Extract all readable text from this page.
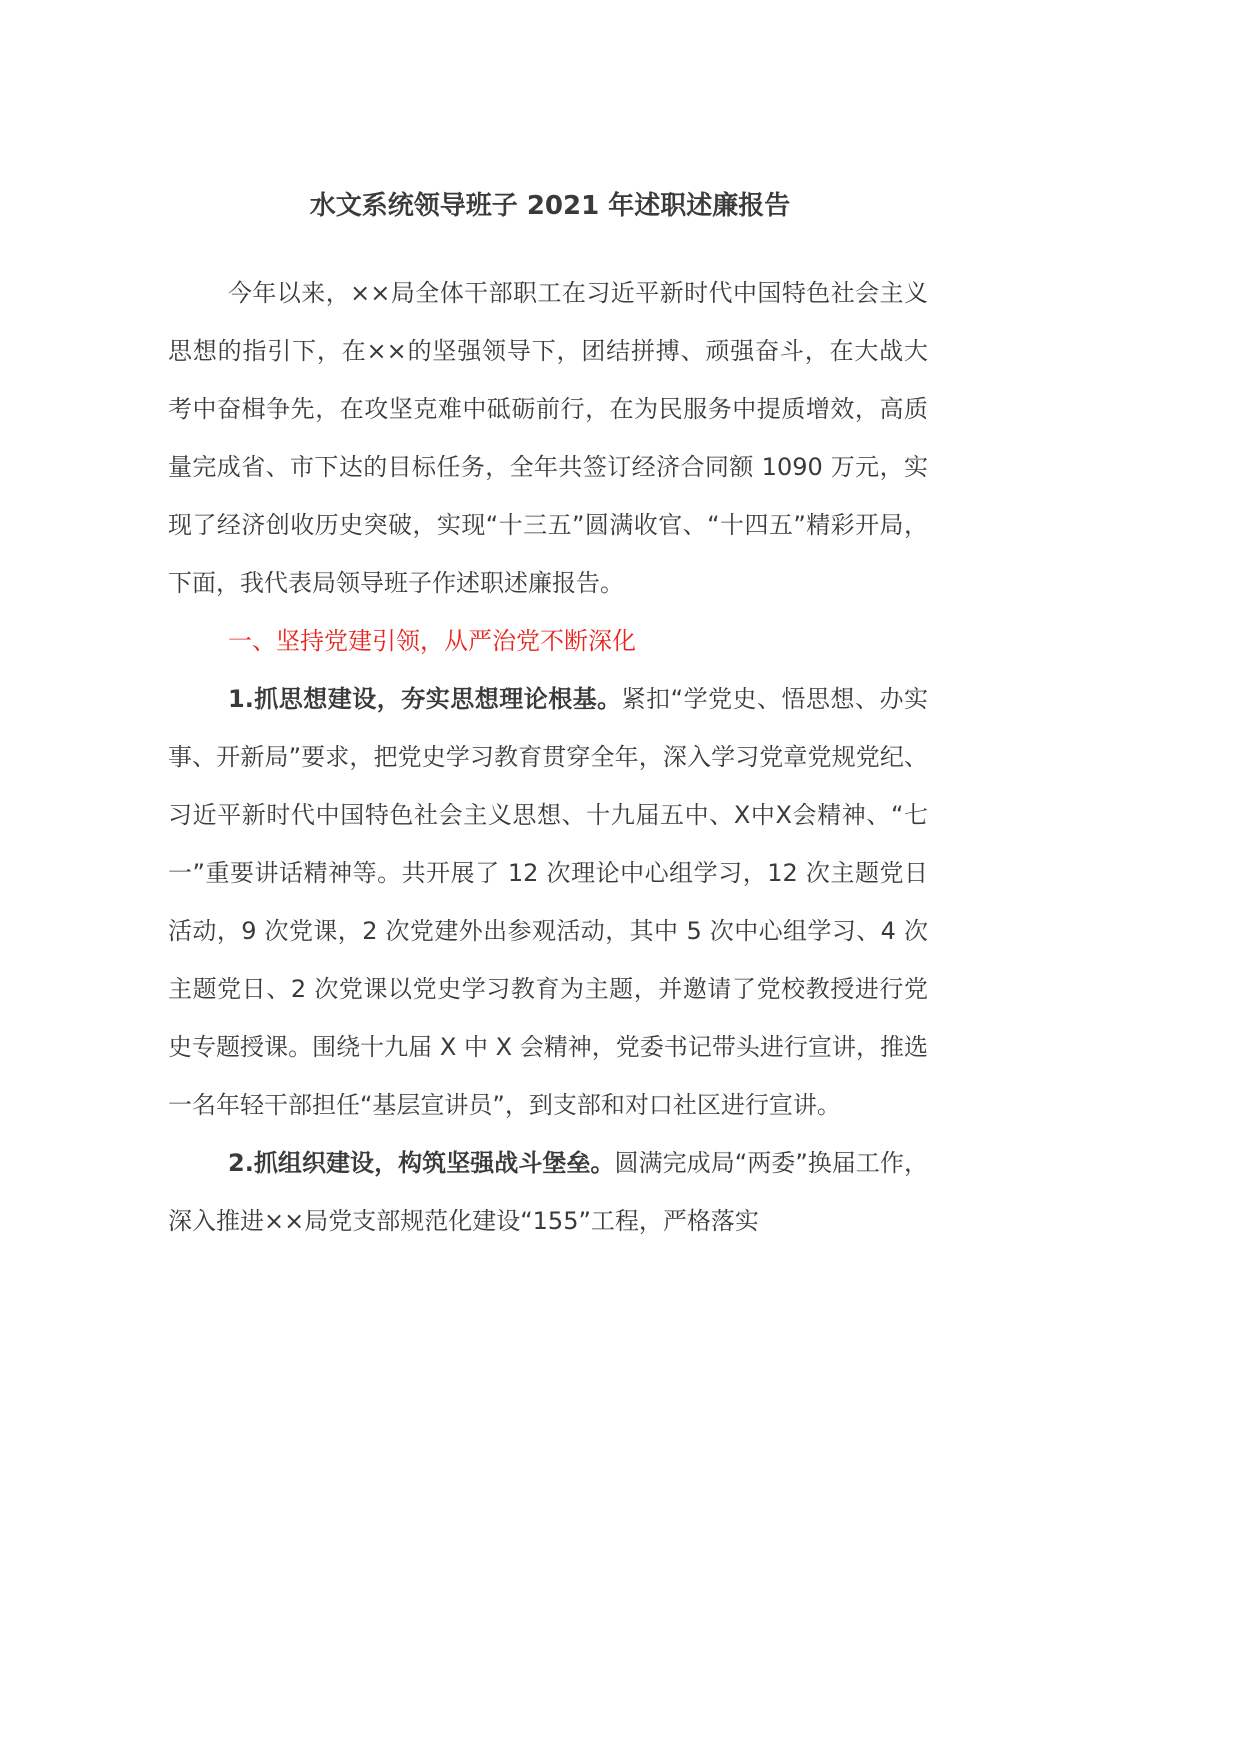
水文系统领导班子 2021 年述职述廉报告

今年以来，××局全体干部职工在习近平新时代中国特色社会主义思想的指引下，在××的坚强领导下，团结拼搏、顽强奋斗，在大战大考中奋楫争先，在攻坚克难中砥砺前行，在为民服务中提质增效，高质量完成省、市下达的目标任务，全年共签订经济合同额 1090 万元，实现了经济创收历史突破，实现“十三五”圆满收官、“十四五”精彩开局，下面，我代表局领导班子作述职述廉报告。

一、坚持党建引领，从严治党不断深化

1.抓思想建设，夯实思想理论根基。紧扣“学党史、悟思想、办实事、开新局”要求，把党史学习教育贯穿全年，深入学习党章党规党纪、习近平新时代中国特色社会主义思想、十九届五中、X中X会精神、“七一”重要讲话精神等。共开展了 12 次理论中心组学习，12 次主题党日活动，9 次党课，2 次党建外出参观活动，其中 5 次中心组学习、4 次主题党日、2 次党课以党史学习教育为主题，并邀请了党校教授进行党史专题授课。围绕十九届 X 中 X 会精神，党委书记带头进行宣讲，推选一名年轻干部担任“基层宣讲员”，到支部和对口社区进行宣讲。

2.抓组织建设，构筑坚强战斗堡垒。圆满完成局“两委”换届工作，深入推进××局党支部规范化建设“155”工程，严格落实
